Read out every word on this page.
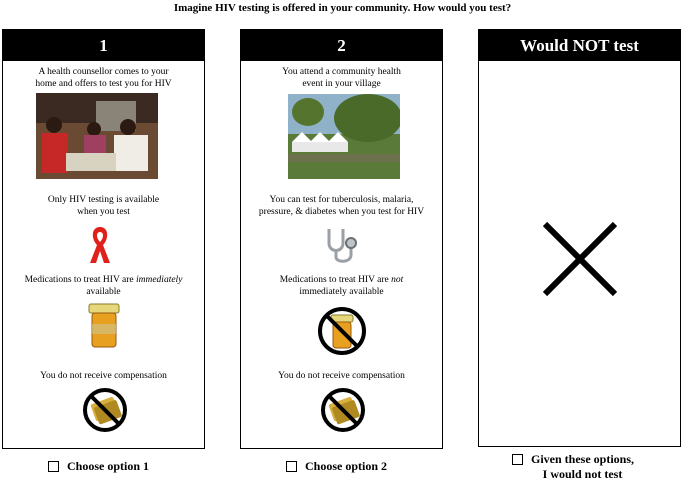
Imagine HIV testing is offered in your community. How would you test?
1
A health counsellor comes to your
home and offers to test you for HIV
Only HIV testing is available
when you test
Medications to treat HIV are immediately
available
You do not receive compensation
Choose option 1
2
You attend a community health
event in your village
You can test for tuberculosis, malaria,
pressure, & diabetes when you test for HIV
Medications to treat HIV are not
immediately available
You do not receive compensation
Choose option 2
Would NOT test
Given these options,
I would not test
